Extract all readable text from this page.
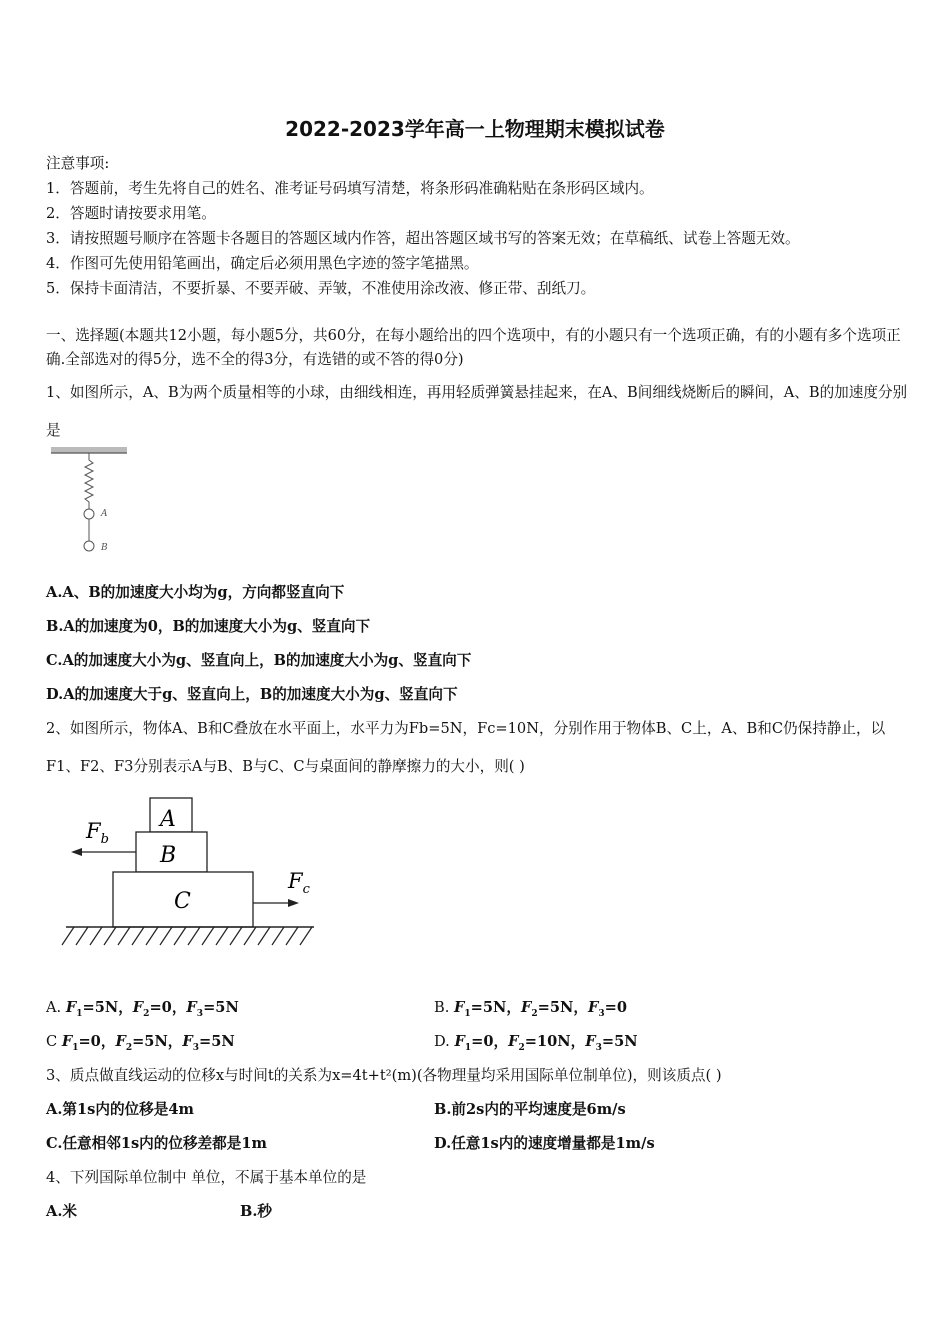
2022-2023学年高一上物理期末模拟试卷
注意事项:
1．答题前，考生先将自己的姓名、准考证号码填写清楚，将条形码准确粘贴在条形码区域内。
2．答题时请按要求用笔。
3．请按照题号顺序在答题卡各题目的答题区域内作答，超出答题区域书写的答案无效；在草稿纸、试卷上答题无效。
4．作图可先使用铅笔画出，确定后必须用黑色字迹的签字笔描黑。
5．保持卡面清洁，不要折暴、不要弄破、弄皱，不准使用涂改液、修正带、刮纸刀。
一、选择题(本题共12小题，每小题5分，共60分，在每小题给出的四个选项中，有的小题只有一个选项正确，有的小题有多个选项正确.全部选对的得5分，选不全的得3分，有选错的或不答的得0分)
1、如图所示，A、B为两个质量相等的小球，由细线相连，再用轻质弹簧悬挂起来，在A、B间细线烧断后的瞬间，A、B的加速度分别是
A
B
A.A、B的加速度大小均为g，方向都竖直向下
B.A的加速度为0，B的加速度大小为g、竖直向下
C.A的加速度大小为g、竖直向上，B的加速度大小为g、竖直向下
D.A的加速度大于g、竖直向上，B的加速度大小为g、竖直向下
2、如图所示，物体A、B和C叠放在水平面上，水平力为Fb=5N，Fc=10N，分别作用于物体B、C上，A、B和C仍保持静止，以F1、F2、F3分别表示A与B、B与C、C与桌面间的静摩擦力的大小，则( )
A
B
C
$F_b$
$F_c$
A. $F_1=5N$，$F_2=0$，$F_3=5N$	B. $F_1=5N$，$F_2=5N$，$F_3=0$
C $F_1=0$，$F_2=5N$，$F_3=5N$	D. $F_1=0$，$F_2=10N$，$F_3=5N$
3、质点做直线运动的位移x与时间t的关系为x=4t+t²(m)(各物理量均采用国际单位制单位)，则该质点( )
A.第1s内的位移是4m	B.前2s内的平均速度是6m/s
C.任意相邻1s内的位移差都是1m	D.任意1s内的速度增量都是1m/s
4、下列国际单位制中 单位，不属于基本单位的是
A.米	B.秒
